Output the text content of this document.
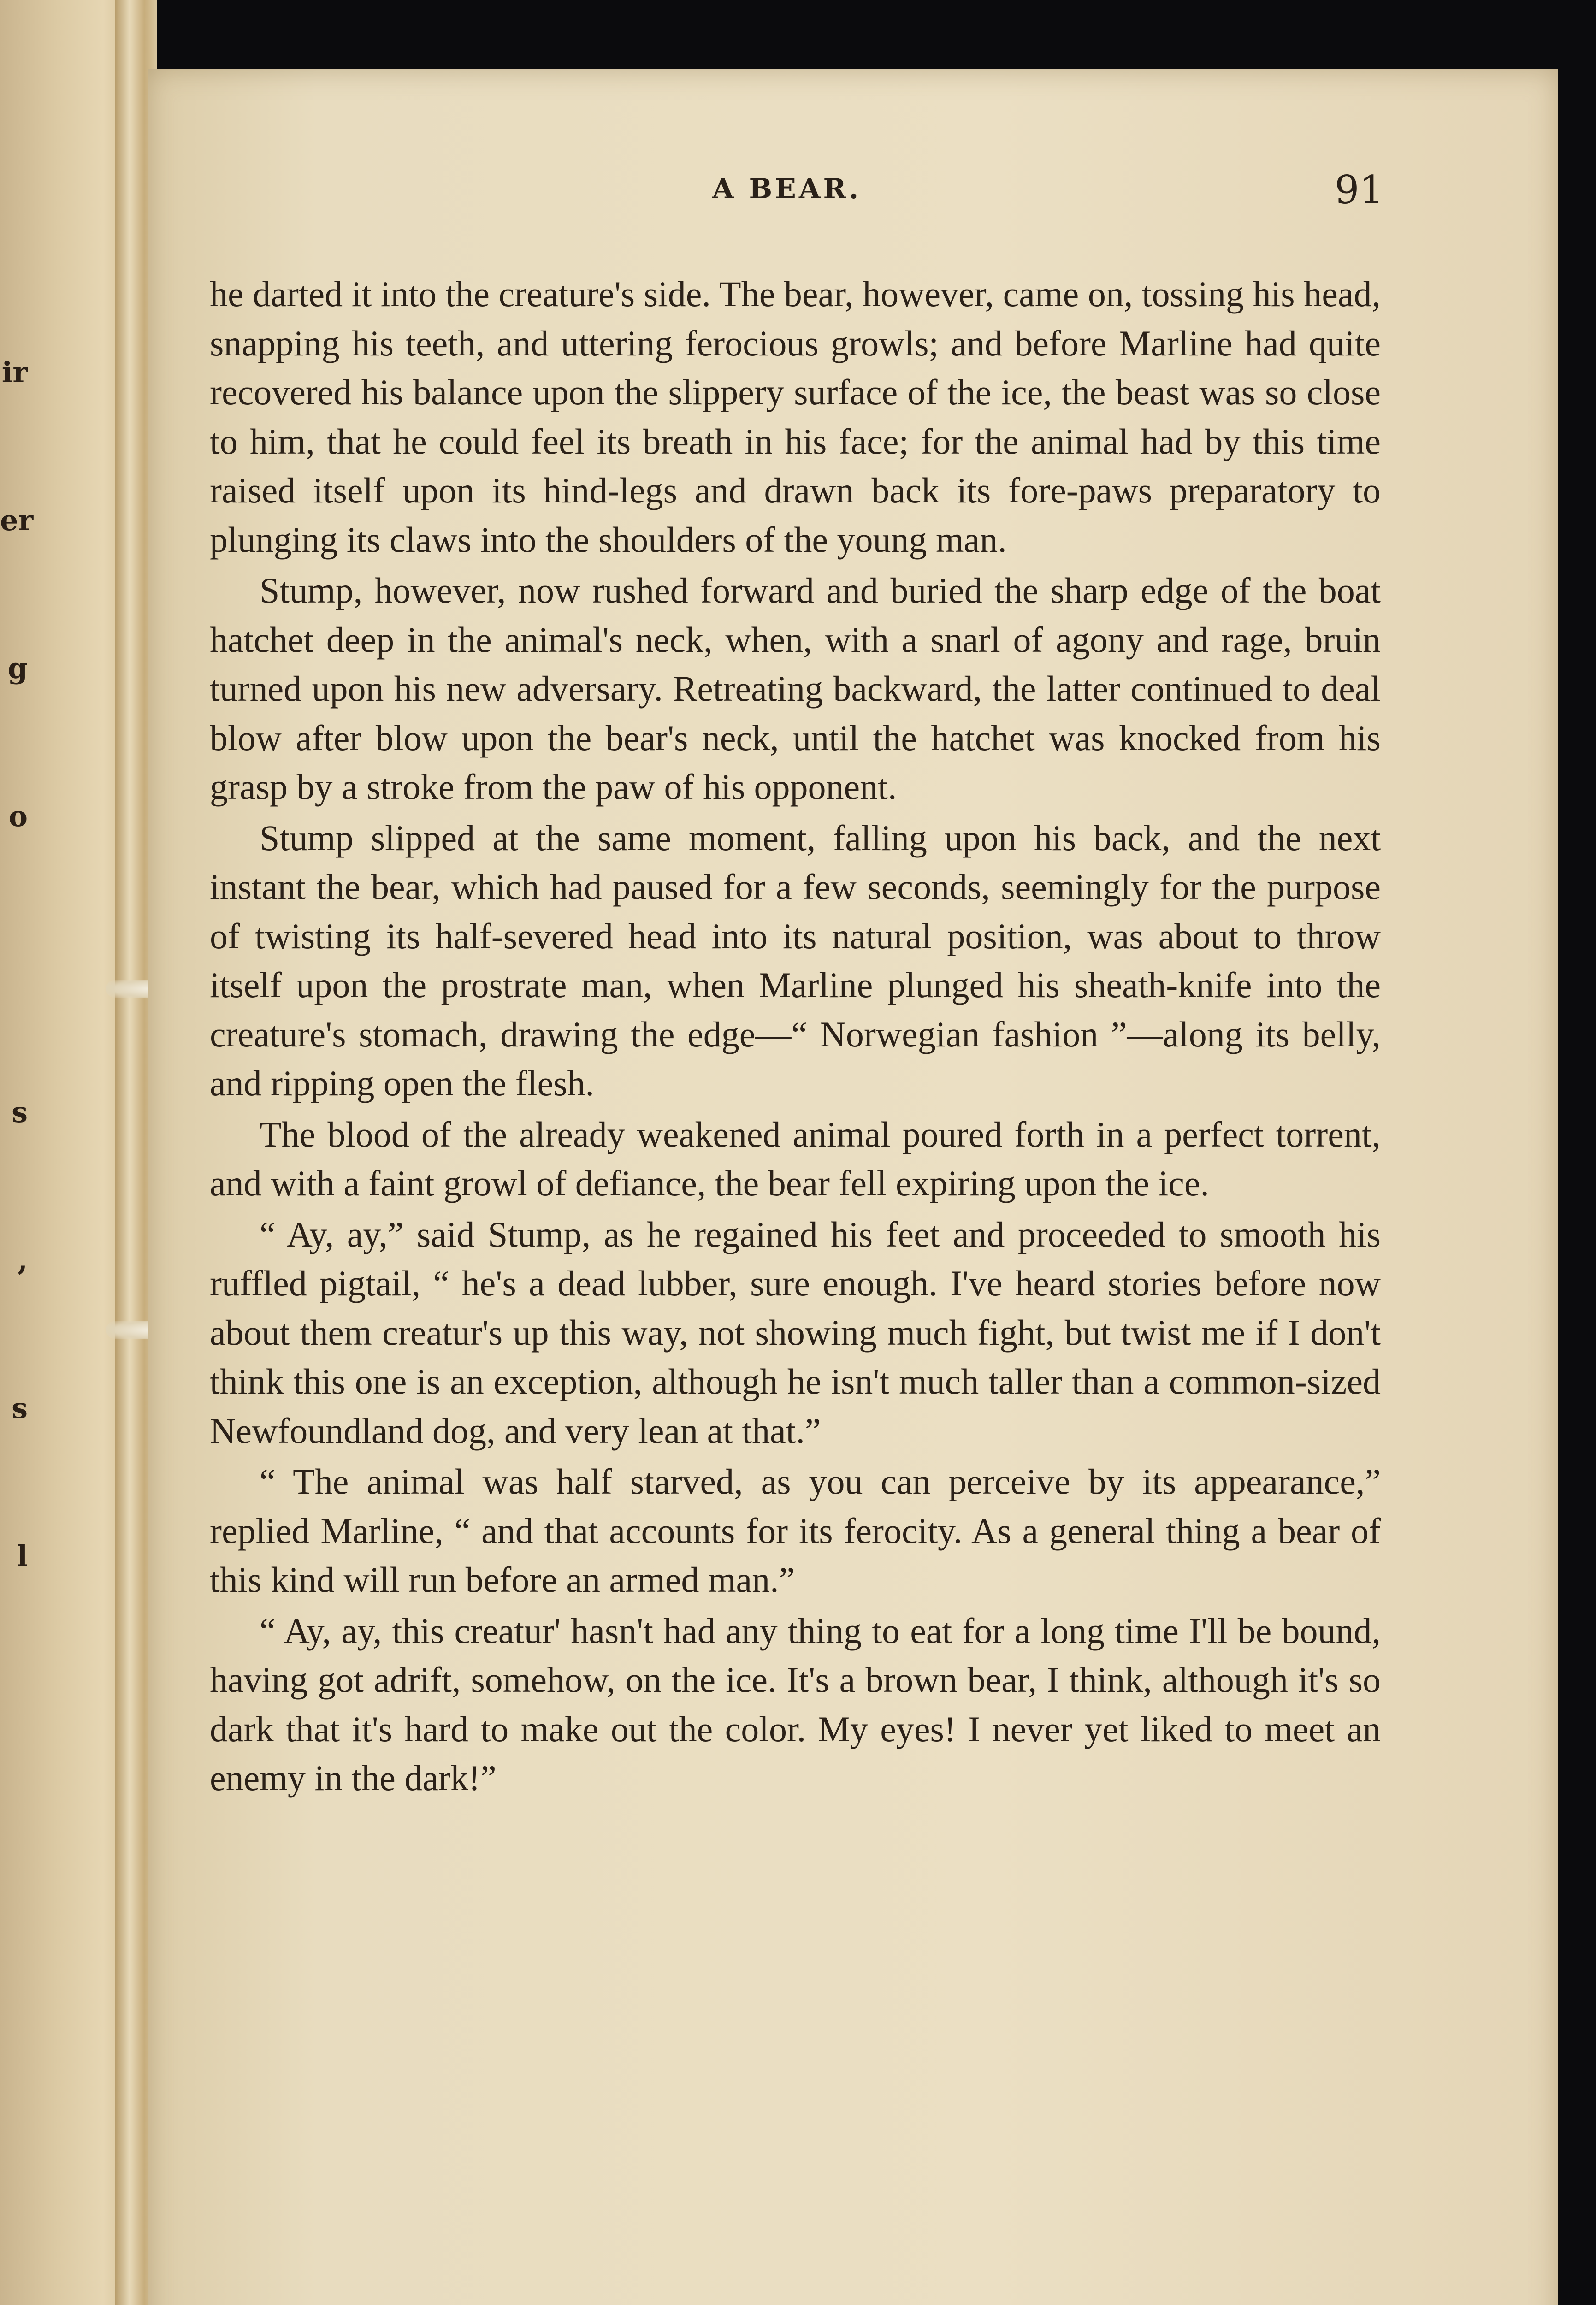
ir

er

g

o

s

,

s

l

A BEAR.	91

he darted it into the creature's side. The bear, however, came on, tossing his head, snapping his teeth, and uttering ferocious growls; and before Marline had quite recovered his balance upon the slippery surface of the ice, the beast was so close to him, that he could feel its breath in his face; for the animal had by this time raised itself upon its hind-legs and drawn back its fore-paws preparatory to plunging its claws into the shoulders of the young man.

Stump, however, now rushed forward and buried the sharp edge of the boat hatchet deep in the animal's neck, when, with a snarl of agony and rage, bruin turned upon his new adversary. Retreating backward, the latter continued to deal blow after blow upon the bear's neck, until the hatchet was knocked from his grasp by a stroke from the paw of his opponent.

Stump slipped at the same moment, falling upon his back, and the next instant the bear, which had paused for a few seconds, seemingly for the purpose of twisting its half-severed head into its natural position, was about to throw itself upon the prostrate man, when Marline plunged his sheath-knife into the creature's stomach, drawing the edge—“ Norwegian fashion ”—along its belly, and ripping open the flesh.

The blood of the already weakened animal poured forth in a perfect torrent, and with a faint growl of defiance, the bear fell expiring upon the ice.

“ Ay, ay,” said Stump, as he regained his feet and proceeded to smooth his ruffled pigtail, “ he's a dead lubber, sure enough. I've heard stories before now about them creatur's up this way, not showing much fight, but twist me if I don't think this one is an exception, although he isn't much taller than a common-sized Newfoundland dog, and very lean at that.”

“ The animal was half starved, as you can perceive by its appearance,” replied Marline, “ and that accounts for its ferocity. As a general thing a bear of this kind will run before an armed man.”

“ Ay, ay, this creatur' hasn't had any thing to eat for a long time I'll be bound, having got adrift, somehow, on the ice. It's a brown bear, I think, although it's so dark that it's hard to make out the color. My eyes! I never yet liked to meet an enemy in the dark!”
